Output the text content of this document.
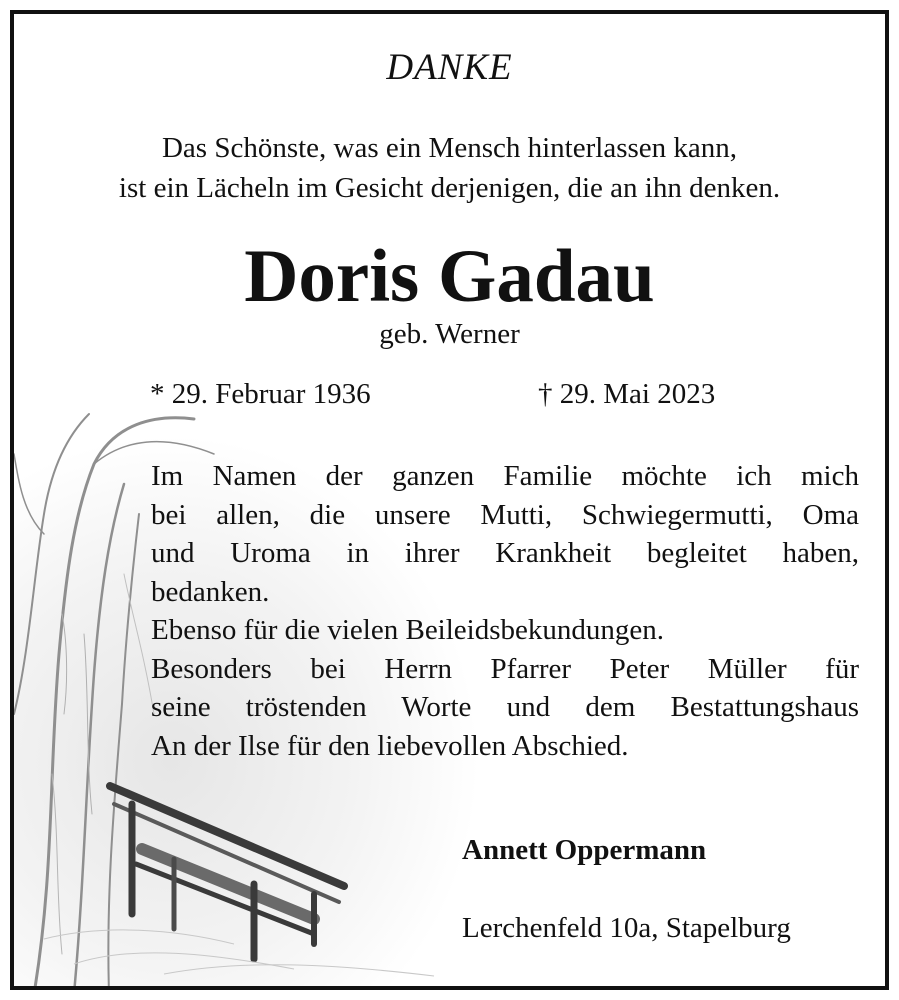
DANKE
Das Schönste, was ein Mensch hinterlassen kann,
ist ein Lächeln im Gesicht derjenigen, die an ihn denken.
Doris Gadau
geb. Werner
* 29. Februar 1936	† 29. Mai 2023
Im Namen der ganzen Familie möchte ich mich
bei allen, die unsere Mutti, Schwiegermutti, Oma
und Uroma in ihrer Krankheit begleitet haben,
bedanken.
Ebenso für die vielen Beileidsbekundungen.
Besonders bei Herrn Pfarrer Peter Müller für
seine tröstenden Worte und dem Bestattungshaus
An der Ilse für den liebevollen Abschied.
Annett Oppermann
Lerchenfeld 10a, Stapelburg
